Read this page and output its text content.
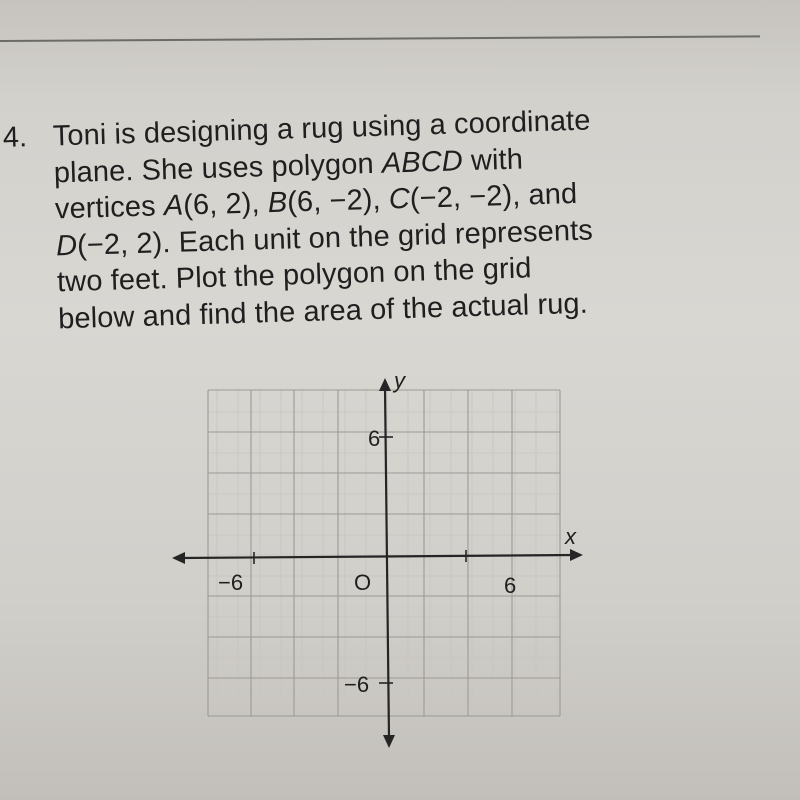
4. Toni is designing a rug using a coordinate
plane. She uses polygon ABCD with
vertices A(6, 2), B(6, −2), C(−2, −2), and
D(−2, 2). Each unit on the grid represents
two feet. Plot the polygon on the grid
below and find the area of the actual rug.
y
x
6
−6	O	6
−6
